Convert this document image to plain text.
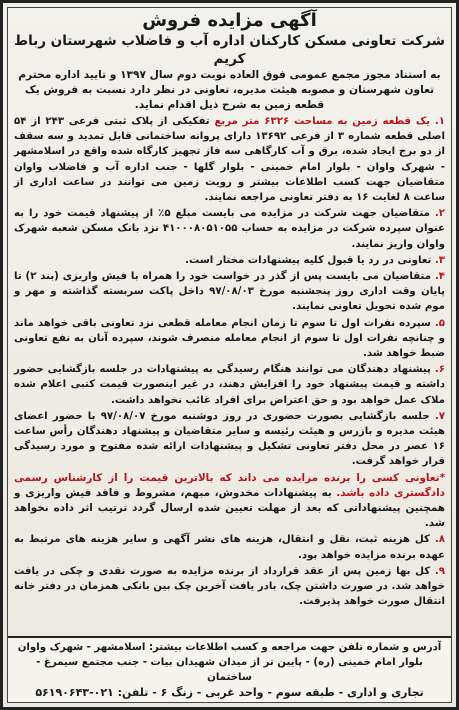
آگهی مزایده فروش
شرکت تعاونی مسکن کارکنان اداره آب و فاضلاب شهرستان رباط کریم
به استناد مجوز مجمع عمومی فوق العاده نوبت دوم سال ۱۳۹۷ و تایید اداره محترم تعاون شهرستان و مصوبه هیئت مدیره، تعاونی در نظر دارد نسبت به فروش یک قطعه زمین به شرح ذیل اقدام نماید.
۱. یک قطعه زمین به مساحت ۶۳۲۶ متر مربع تفکیکی از پلاک ثبتی فرعی ۲۴۳ از ۵۴ اصلی قطعه شماره ۳ از فرعی ۱۳۶۹۲ دارای پروانه ساختمانی قابل تمدید و سه سقف از دو برج ایجاد شده، برق و آب کارگاهی سه فاز تجهیز کارگاه شده واقع در اسلامشهر - شهرک واوان - بلوار امام خمینی - بلوار گلها - جنب اداره آب و فاضلاب واوان متقاضیان جهت کسب اطلاعات بیشتر و رویت زمین می توانند در ساعت اداری از ساعت ۸ لغایت ۱۶ به دفتر تعاونی مراجعه نمایند.
۲. متقاضیان جهت شرکت در مزایده می بایست مبلغ ۵٪ از پیشنهاد قیمت خود را به عنوان سپرده شرکت در مزایده به حساب ۴۱۰۰۰۸۰۵۱۰۵۵ نزد بانک مسکن شعبه شهرک واوان واریز نمایند.
۳. تعاونی در رد یا قبول کلیه پیشنهادات مختار است.
۴. متقاضیان می بایست پس از گذر در خواست خود را همراه با فیش واریزی (بند ۲) تا پایان وقت اداری روز پنجشنبه مورخ ۹۷/۰۸/۰۳ داخل پاکت سربسته گذاشته و مهر و موم شده تحویل تعاونی نمایند.
۵. سپرده نفرات اول تا سوم تا زمان انجام معامله قطعی نزد تعاونی باقی خواهد ماند و چنانچه نفرات اول تا سوم از انجام معامله منصرف شوند، سپرده آنان به نفع تعاونی ضبط خواهد شد.
۶. پیشنهاد دهندگان می توانند هنگام رسیدگی به پیشنهادات در جلسه بازگشایی حضور داشته و قیمت پیشنهاد خود را افزایش دهند، در غیر اینصورت قیمت کتبی اعلام شده ملاک عمل خواهد بود و حق اعتراض برای افراد غائب نخواهد داشت.
۷. جلسه بازگشایی بصورت حضوری در روز دوشنبه مورخ ۹۷/۰۸/۰۷ با حضور اعضای هیئت مدیره و بازرس و هیئت رئیسه و سایر متقاضیان و پیشنهاد دهندگان رأس ساعت ۱۶ عصر در محل دفتر تعاونی تشکیل و پیشنهادات ارائه شده مفتوح و مورد رسیدگی قرار خواهد گرفت.
*تعاونی کسی را برنده مزایده می داند که بالاترین قیمت را از کارشناس رسمی دادگستری داده باشد. به پیشنهادات مخدوش، مبهم، مشروط و فاقد فیش واریزی و همچنین پیشنهاداتی که بعد از مهلت تعیین شده ارسال گردد ترتیب اثر داده نخواهد شد.
۸. کل هزینه ثبت، نقل و انتقال، هزینه های نشر آگهی و سایر هزینه های مرتبط به عهده برنده مزایده خواهد بود.
۹. کل بها زمین پس از عقد قرارداد از برنده مزایده به صورت نقدی و چکی در یافت خواهد شد. در صورت داشتن چک، بادر یافت آخرین چک بین بانکی همزمان در دفتر خانه انتقال صورت خواهد پذیرفت.
آدرس و شماره تلفن جهت مراجعه و کسب اطلاعات بیشتر: اسلامشهر - شهرک واوان
بلوار امام خمینی (ره) - پایین تر از میدان شهیدان بیات - جنب مجتمع سیمرغ - ساختمان
تجاری و اداری - طبقه سوم - واحد غربی - زنگ ۶ - تلفن: ۰۲۱-۵۶۱۹۰۶۴۳
